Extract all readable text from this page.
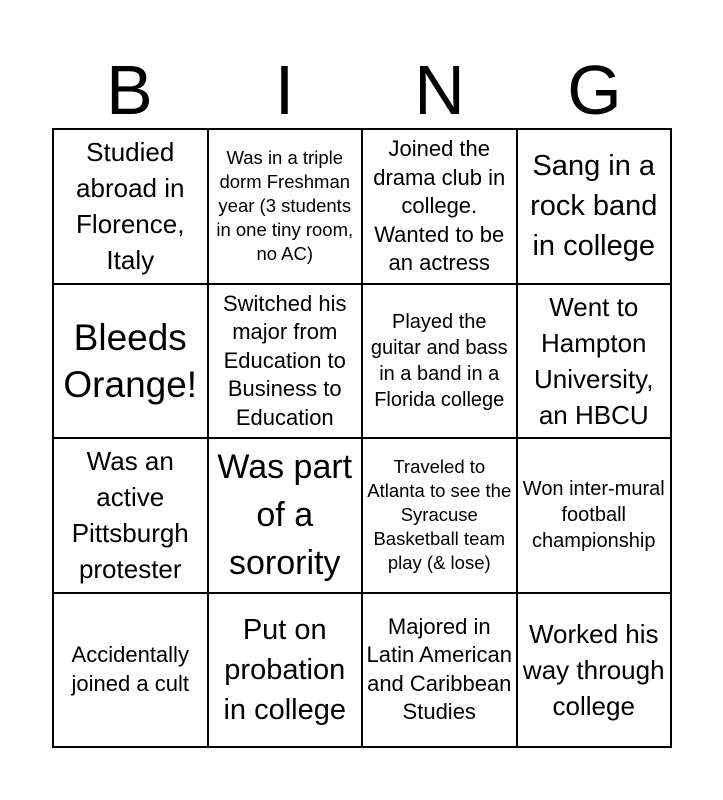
B	I	N	G
Studied abroad in Florence, Italy
Was in a triple dorm Freshman year (3 students in one tiny room, no AC)
Joined the drama club in college. Wanted to be an actress
Sang in a rock band in college
Bleeds Orange!
Switched his major from Education to Business to Education
Played the guitar and bass in a band in a Florida college
Went to Hampton University, an HBCU
Was an active Pittsburgh protester
Was part of a sorority
Traveled to Atlanta to see the Syracuse Basketball team play (& lose)
Won inter-mural football championship
Accidentally joined a cult
Put on probation in college
Majored in Latin American and Caribbean Studies
Worked his way through college
